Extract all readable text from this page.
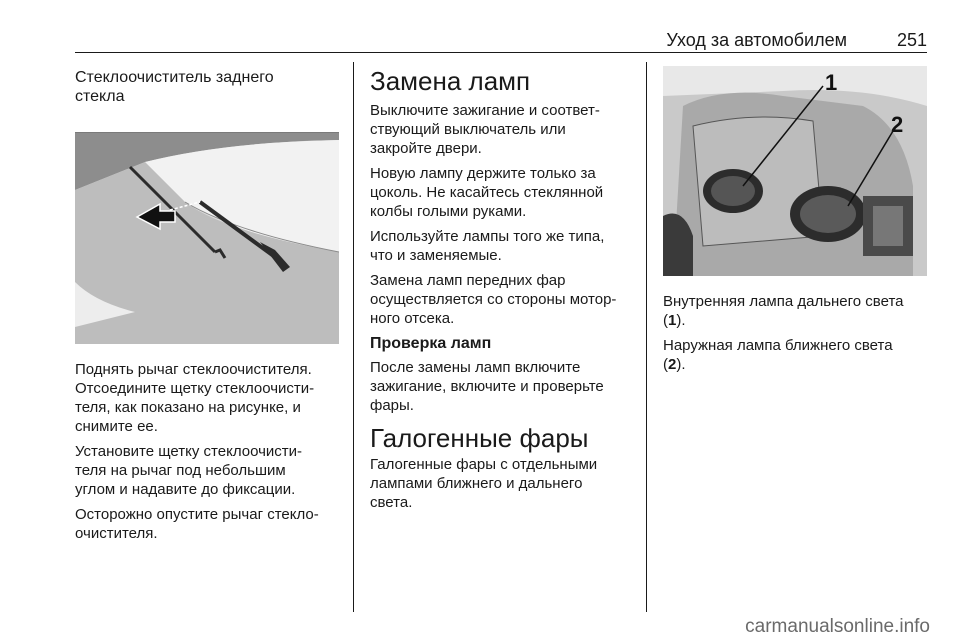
Уход за автомобилем	251
Стеклоочиститель заднего
стекла

Поднять рычаг стеклоочистителя.
Отсоедините щетку стеклоочисти-
теля, как показано на рисунке, и
снимите ее.

Установите щетку стеклоочисти-
теля на рычаг под небольшим
углом и надавите до фиксации.

Осторожно опустите рычаг стекло-
очистителя.

Замена ламп

Выключите зажигание и соответ-
ствующий выключатель или
закройте двери.

Новую лампу держите только за
цоколь. Не касайтесь стеклянной
колбы голыми руками.

Используйте лампы того же типа,
что и заменяемые.

Замена ламп передних фар
осуществляется со стороны мотор-
ного отсека.

Проверка ламп

После замены ламп включите
зажигание, включите и проверьте
фары.

Галогенные фары

Галогенные фары с отдельными
лампами ближнего и дальнего
света.

1
2

Внутренняя лампа дальнего света
(1).

Наружная лампа ближнего света
(2).

carmanualsonline.info
